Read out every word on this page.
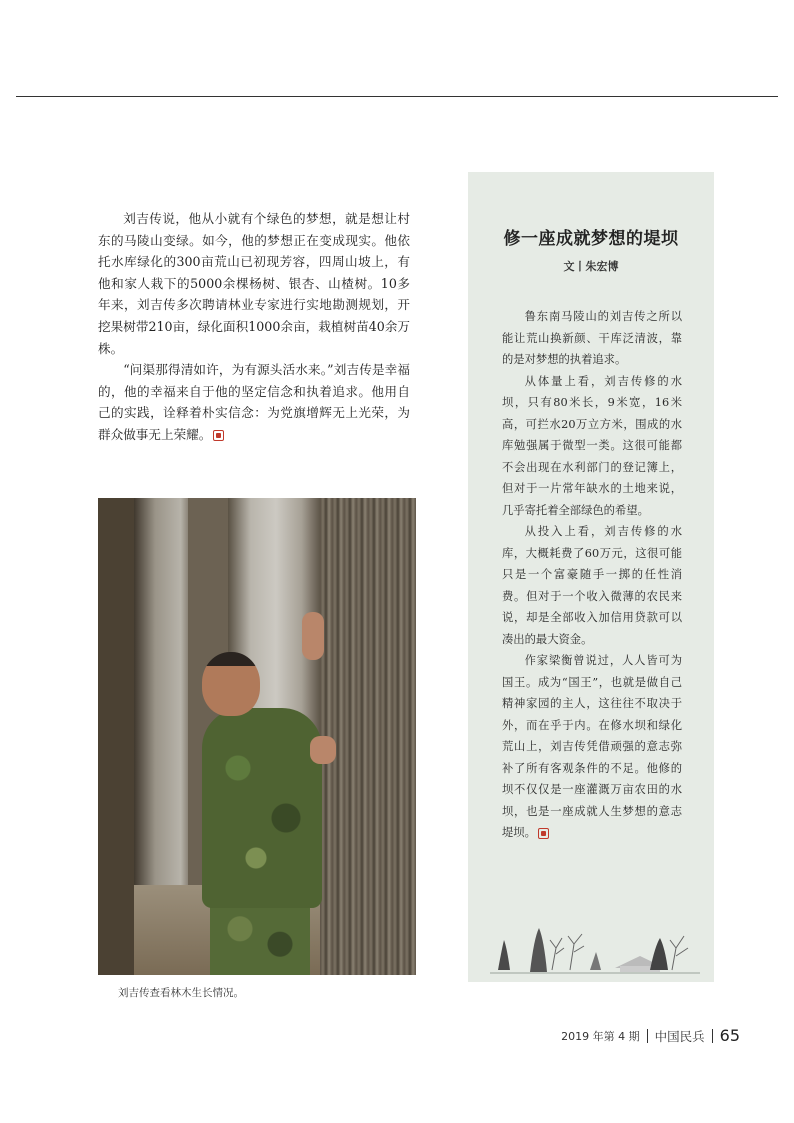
刘吉传说，他从小就有个绿色的梦想，就是想让村东的马陵山变绿。如今，他的梦想正在变成现实。他依托水库绿化的300亩荒山已初现芳容，四周山坡上，有他和家人栽下的5000余棵杨树、银杏、山楂树。10多年来，刘吉传多次聘请林业专家进行实地勘测规划，开挖果树带210亩，绿化面积1000余亩，栽植树苗40余万株。

“问渠那得清如许，为有源头活水来。”刘吉传是幸福的，他的幸福来自于他的坚定信念和执着追求。他用自己的实践，诠释着朴实信念：为党旗增辉无上光荣，为群众做事无上荣耀。

刘吉传查看林木生长情况。
修一座成就梦想的堤坝
文丨朱宏博

鲁东南马陵山的刘吉传之所以能让荒山换新颜、干库泛清波，靠的是对梦想的执着追求。

从体量上看，刘吉传修的水坝，只有80米长，9米宽，16米高，可拦水20万立方米，围成的水库勉强属于微型一类。这很可能都不会出现在水利部门的登记簿上，但对于一片常年缺水的土地来说，几乎寄托着全部绿色的希望。

从投入上看，刘吉传修的水库，大概耗费了60万元，这很可能只是一个富豪随手一掷的任性消费。但对于一个收入微薄的农民来说，却是全部收入加信用贷款可以凑出的最大资金。

作家梁衡曾说过，人人皆可为国王。成为“国王”，也就是做自己精神家园的主人，这往往不取决于外，而在乎于内。在修水坝和绿化荒山上，刘吉传凭借顽强的意志弥补了所有客观条件的不足。他修的坝不仅仅是一座灌溉万亩农田的水坝，也是一座成就人生梦想的意志堤坝。

2019 年第 4 期 中国民兵 65
